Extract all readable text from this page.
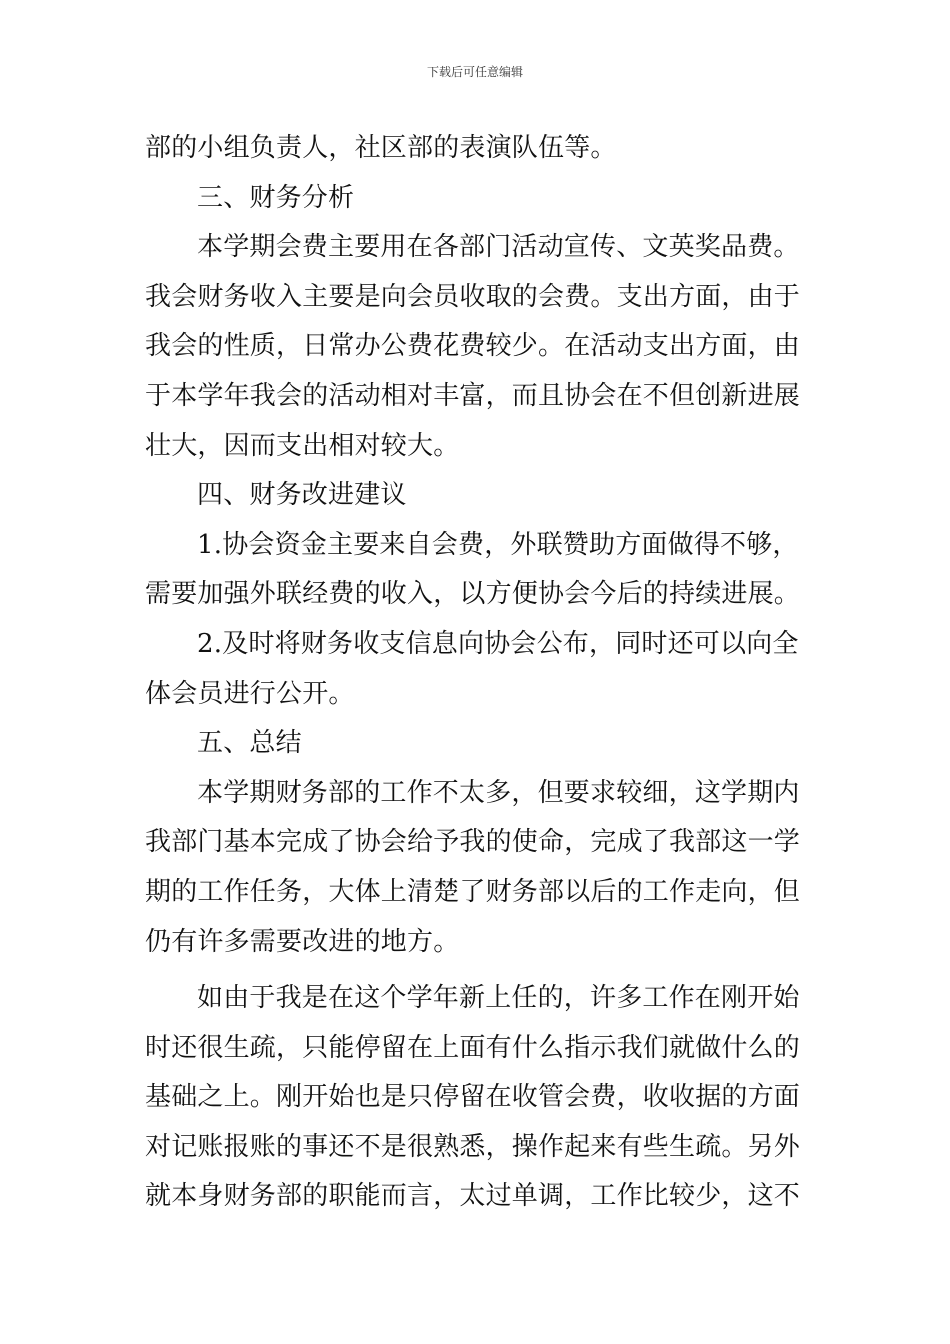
下载后可任意编辑
部的小组负责人，社区部的表演队伍等。
三、财务分析
本学期会费主要用在各部门活动宣传、文英奖品费。
我会财务收入主要是向会员收取的会费。支出方面，由于
我会的性质，日常办公费花费较少。在活动支出方面，由
于本学年我会的活动相对丰富，而且协会在不但创新进展
壮大，因而支出相对较大。
四、财务改进建议
1.协会资金主要来自会费，外联赞助方面做得不够，
需要加强外联经费的收入，以方便协会今后的持续进展。
2.及时将财务收支信息向协会公布，同时还可以向全
体会员进行公开。
五、总结
本学期财务部的工作不太多，但要求较细，这学期内
我部门基本完成了协会给予我的使命，完成了我部这一学
期的工作任务，大体上清楚了财务部以后的工作走向，但
仍有许多需要改进的地方。
如由于我是在这个学年新上任的，许多工作在刚开始
时还很生疏，只能停留在上面有什么指示我们就做什么的
基础之上。刚开始也是只停留在收管会费，收收据的方面
对记账报账的事还不是很熟悉，操作起来有些生疏。另外
就本身财务部的职能而言，太过单调，工作比较少，这不
